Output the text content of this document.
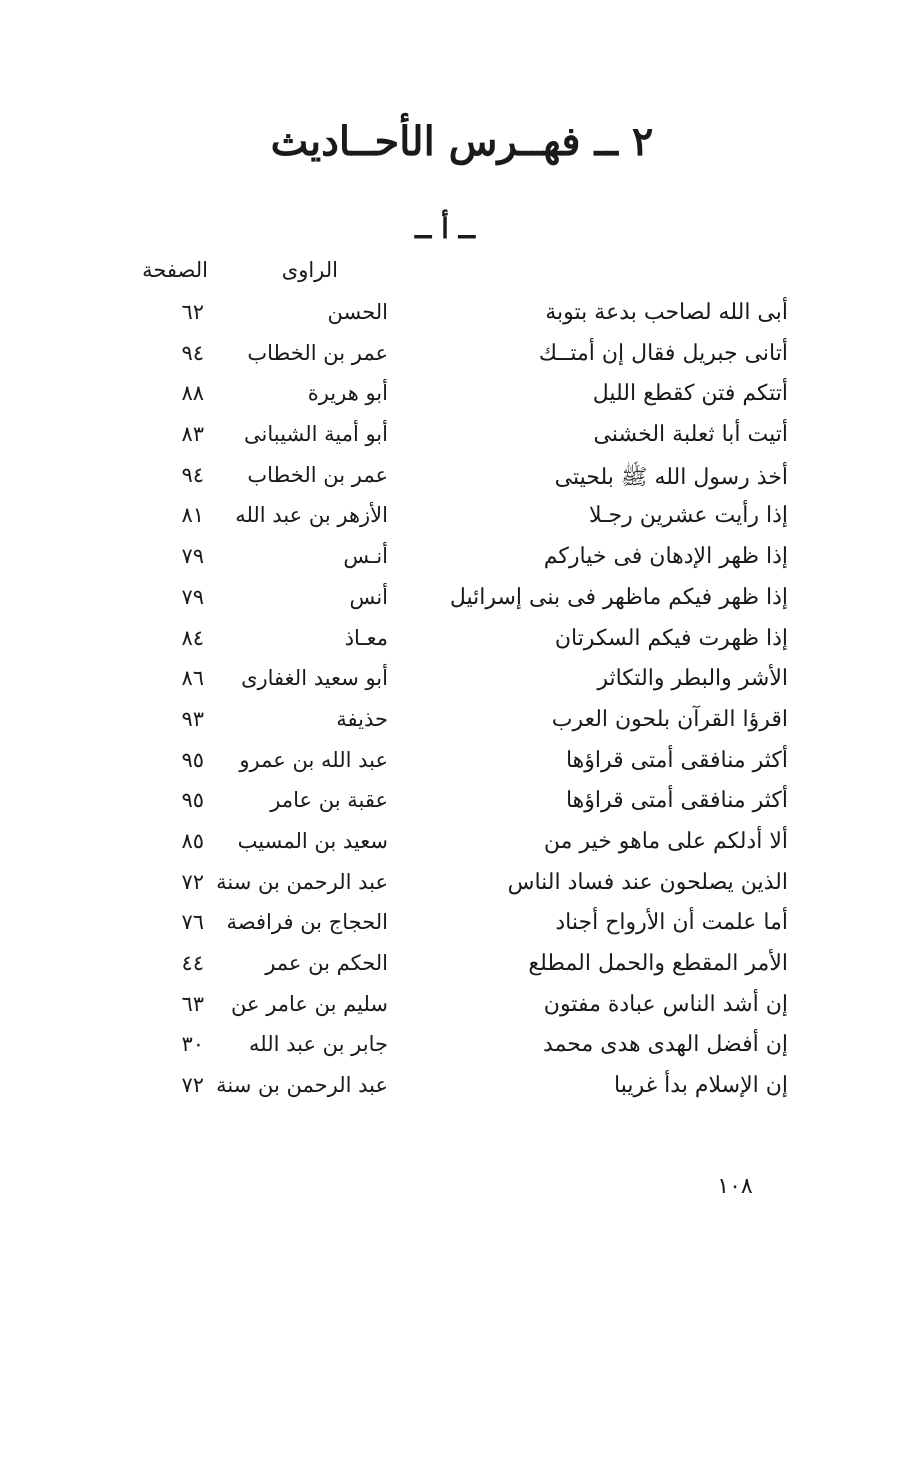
٢ ــ فهــرس الأحــاديث
ــ أ ــ
الراوى
الصفحة
أبى الله لصاحب بدعة بتوبة
الحسن
٦٢
أتانى جبريل فقال إن أمتــك
عمر بن الخطاب
٩٤
أتتكم فتن كقطع الليل
أبو هريرة
٨٨
أتيت أبا ثعلبة الخشنى
أبو أمية الشيبانى
٨٣
أخذ رسول الله ﷺ بلحيتى
عمر بن الخطاب
٩٤
إذا رأيت عشرين رجـلا
الأزهر بن عبد الله
٨١
إذا ظهر الإدهان فى خياركم
أنـس
٧٩
إذا ظهر فيكم ماظهر فى بنى إسرائيل
أنس
٧٩
إذا ظهرت فيكم السكرتان
معـاذ
٨٤
الأشر والبطر والتكاثر
أبو سعيد الغفارى
٨٦
اقرؤا القرآن بلحون العرب
حذيفة
٩٣
أكثر منافقى أمتى قراؤها
عبد الله بن عمرو
٩٥
أكثر منافقى أمتى قراؤها
عقبة بن عامر
٩٥
ألا أدلكم على ماهو خير من
سعيد بن المسيب
٨٥
الذين يصلحون عند فساد الناس
عبد الرحمن بن سنة
٧٢
أما علمت أن الأرواح أجناد
الحجاج بن فرافصة
٧٦
الأمر المقطع والحمل المطلع
الحكم بن عمر
٤٤
إن أشد الناس عبادة مفتون
سليم بن عامر عن
٦٣
إن أفضل الهدى هدى محمد
جابر بن عبد الله
٣٠
إن الإسلام بدأ غريبا
عبد الرحمن بن سنة
٧٢
١٠٨
